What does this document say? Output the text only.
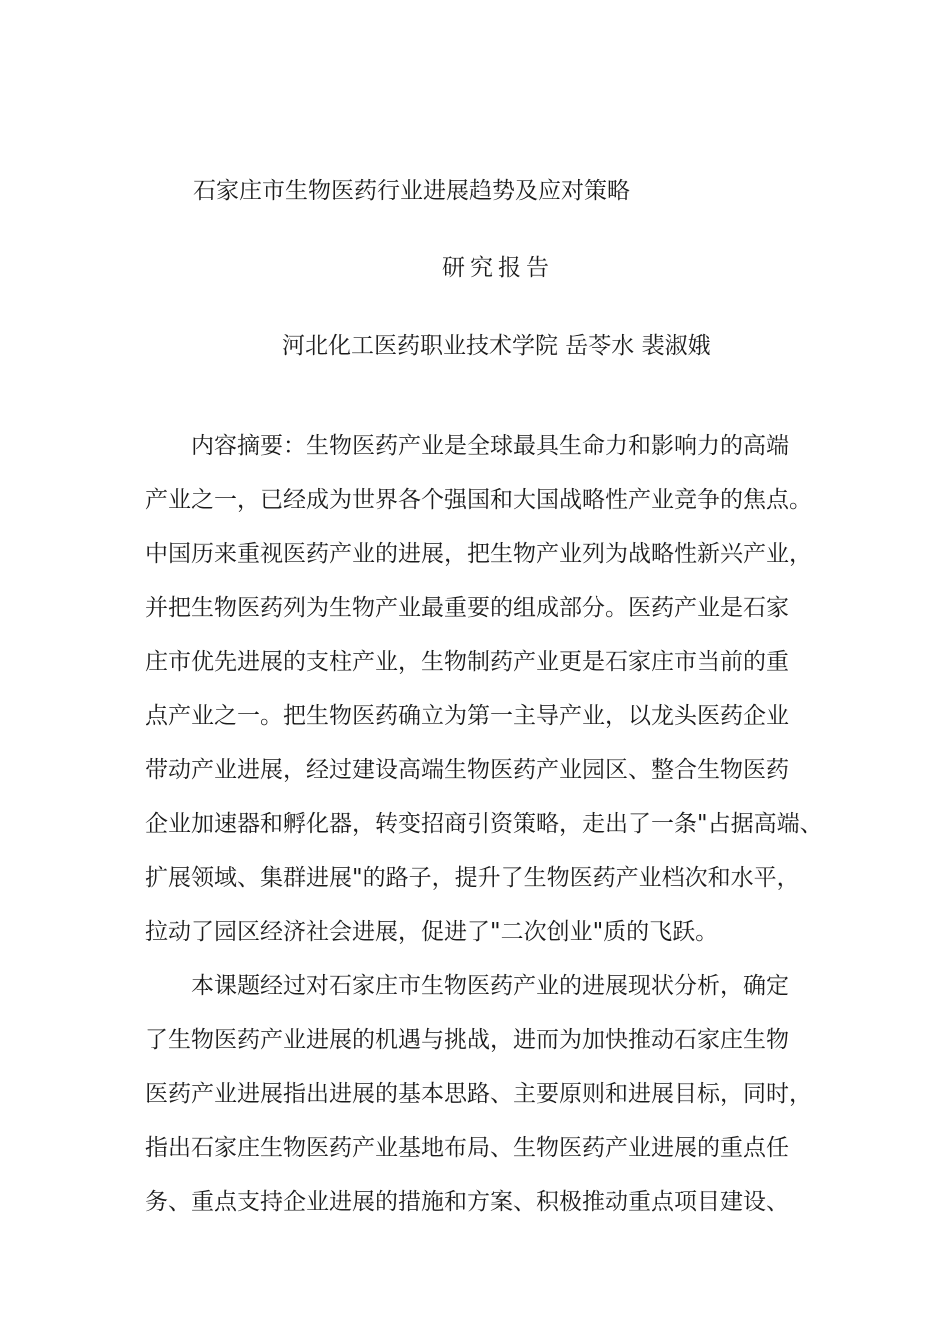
石家庄市生物医药行业进展趋势及应对策略
研究报告
河北化工医药职业技术学院 岳苓水 裴淑娥
内容摘要：生物医药产业是全球最具生命力和影响力的高端
产业之一，已经成为世界各个强国和大国战略性产业竞争的焦点。
中国历来重视医药产业的进展，把生物产业列为战略性新兴产业，
并把生物医药列为生物产业最重要的组成部分。医药产业是石家
庄市优先进展的支柱产业，生物制药产业更是石家庄市当前的重
点产业之一。把生物医药确立为第一主导产业，以龙头医药企业
带动产业进展，经过建设高端生物医药产业园区、整合生物医药
企业加速器和孵化器，转变招商引资策略，走出了一条"占据高端、
扩展领域、集群进展"的路子，提升了生物医药产业档次和水平，
拉动了园区经济社会进展，促进了"二次创业"质的飞跃。
本课题经过对石家庄市生物医药产业的进展现状分析，确定
了生物医药产业进展的机遇与挑战，进而为加快推动石家庄生物
医药产业进展指出进展的基本思路、主要原则和进展目标，同时，
指出石家庄生物医药产业基地布局、生物医药产业进展的重点任
务、重点支持企业进展的措施和方案、积极推动重点项目建设、
